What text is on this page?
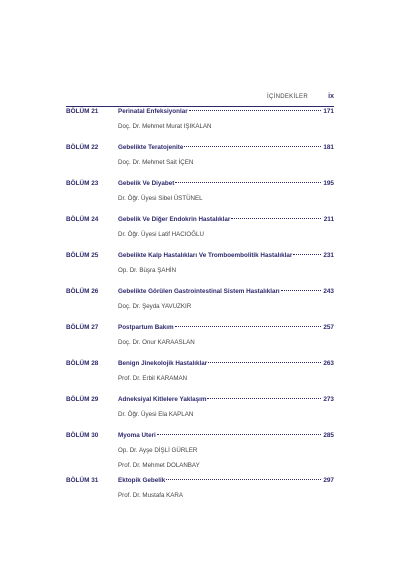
İÇİNDEKİLER	ix
BÖLÜM 21	Perinatal Enfeksiyonlar	171
Doç. Dr. Mehmet Murat IŞIKALAN
BÖLÜM 22	Gebelikte Teratojenite	181
Doç. Dr. Mehmet Sait İÇEN
BÖLÜM 23	Gebelik Ve Diyabet	195
Dr. Öğr. Üyesi Sibel ÜSTÜNEL
BÖLÜM 24	Gebelik Ve Diğer Endokrin Hastalıklar	211
Dr. Öğr. Üyesi Latif HACIOĞLU
BÖLÜM 25	Gebelikte Kalp Hastalıkları Ve Tromboembolitik Hastalıklar	231
Op. Dr. Büşra ŞAHİN
BÖLÜM 26	Gebelikte Görülen Gastrointestinal Sistem Hastalıkları	243
Doç. Dr. Şeyda YAVUZKIR
BÖLÜM 27	Postpartum Bakım	257
Doç. Dr. Onur KARAASLAN
BÖLÜM 28	Benign Jinekolojik Hastalıklar	263
Prof. Dr. Erbil KARAMAN
BÖLÜM 29	Adneksiyal Kitlelere Yaklaşım	273
Dr. Öğr. Üyesi Ela KAPLAN
BÖLÜM 30	Myoma Uteri	285
Op. Dr. Ayşe DİŞLİ GÜRLER
Prof. Dr. Mehmet DOLANBAY
BÖLÜM 31	Ektopik Gebelik	297
Prof. Dr. Mustafa KARA
